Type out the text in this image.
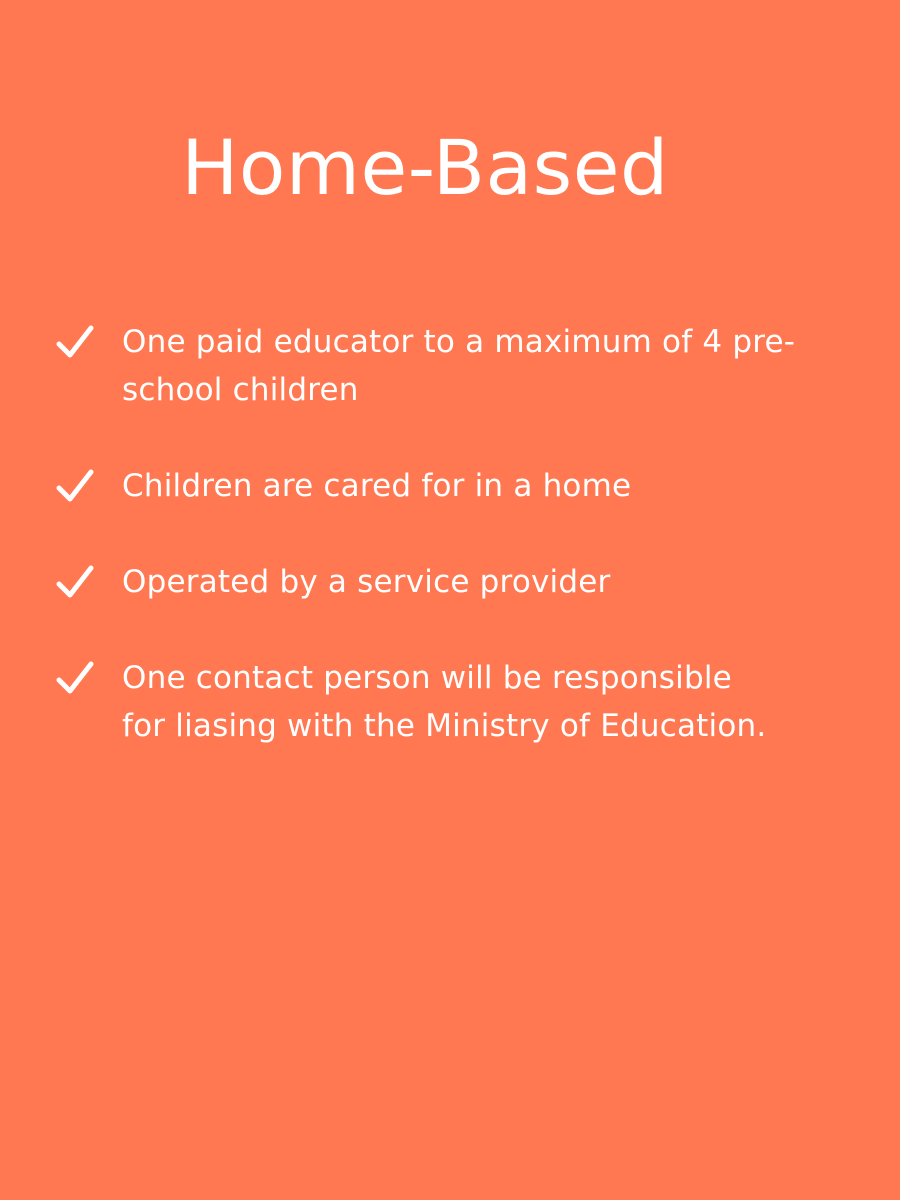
Home-Based
One paid educator to a maximum of 4 pre-school children
Children are cared for in a home
Operated by a service provider
One contact person will be responsible for liasing with the Ministry of Education.
